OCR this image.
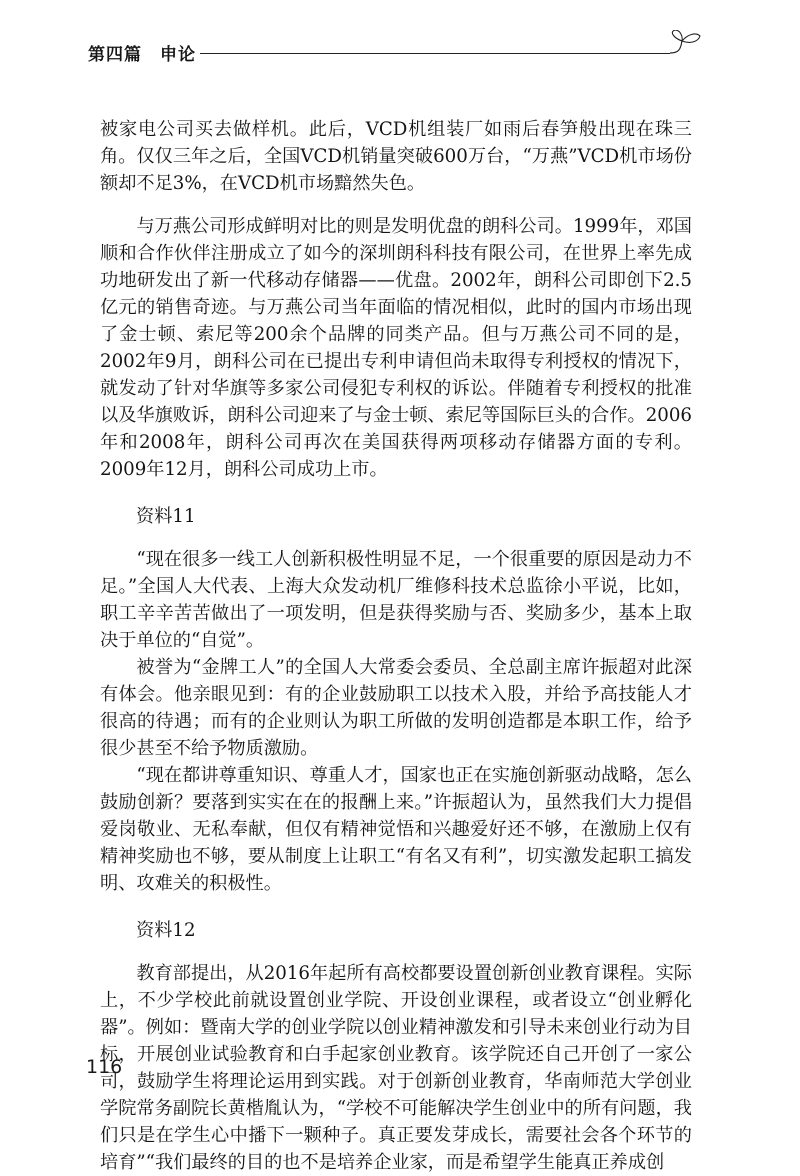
第四篇　申论

被家电公司买去做样机。此后，VCD机组装厂如雨后春笋般出现在珠三角。仅仅三年之后，全国VCD机销量突破600万台，“万燕”VCD机市场份额却不足3%，在VCD机市场黯然失色。

与万燕公司形成鲜明对比的则是发明优盘的朗科公司。1999年，邓国顺和合作伙伴注册成立了如今的深圳朗科科技有限公司，在世界上率先成功地研发出了新一代移动存储器——优盘。2002年，朗科公司即创下2.5亿元的销售奇迹。与万燕公司当年面临的情况相似，此时的国内市场出现了金士顿、索尼等200余个品牌的同类产品。但与万燕公司不同的是，2002年9月，朗科公司在已提出专利申请但尚未取得专利授权的情况下，就发动了针对华旗等多家公司侵犯专利权的诉讼。伴随着专利授权的批准以及华旗败诉，朗科公司迎来了与金士顿、索尼等国际巨头的合作。2006年和2008年，朗科公司再次在美国获得两项移动存储器方面的专利。2009年12月，朗科公司成功上市。

资料11

“现在很多一线工人创新积极性明显不足，一个很重要的原因是动力不足。”全国人大代表、上海大众发动机厂维修科技术总监徐小平说，比如，职工辛辛苦苦做出了一项发明，但是获得奖励与否、奖励多少，基本上取决于单位的“自觉”。

被誉为“金牌工人”的全国人大常委会委员、全总副主席许振超对此深有体会。他亲眼见到：有的企业鼓励职工以技术入股，并给予高技能人才很高的待遇；而有的企业则认为职工所做的发明创造都是本职工作，给予很少甚至不给予物质激励。

“现在都讲尊重知识、尊重人才，国家也正在实施创新驱动战略，怎么鼓励创新？要落到实实在在的报酬上来。”许振超认为，虽然我们大力提倡爱岗敬业、无私奉献，但仅有精神觉悟和兴趣爱好还不够，在激励上仅有精神奖励也不够，要从制度上让职工“有名又有利”，切实激发起职工搞发明、攻难关的积极性。

资料12

教育部提出，从2016年起所有高校都要设置创新创业教育课程。实际上，不少学校此前就设置创业学院、开设创业课程，或者设立“创业孵化器”。例如：暨南大学的创业学院以创业精神激发和引导未来创业行动为目标，开展创业试验教育和白手起家创业教育。该学院还自己开创了一家公司，鼓励学生将理论运用到实践。对于创新创业教育，华南师范大学创业学院常务副院长黄楷胤认为，“学校不可能解决学生创业中的所有问题，我们只是在学生心中播下一颗种子。真正要发芽成长，需要社会各个环节的培育”“我们最终的目的也不是培养企业家，而是希望学生能真正养成创

116
